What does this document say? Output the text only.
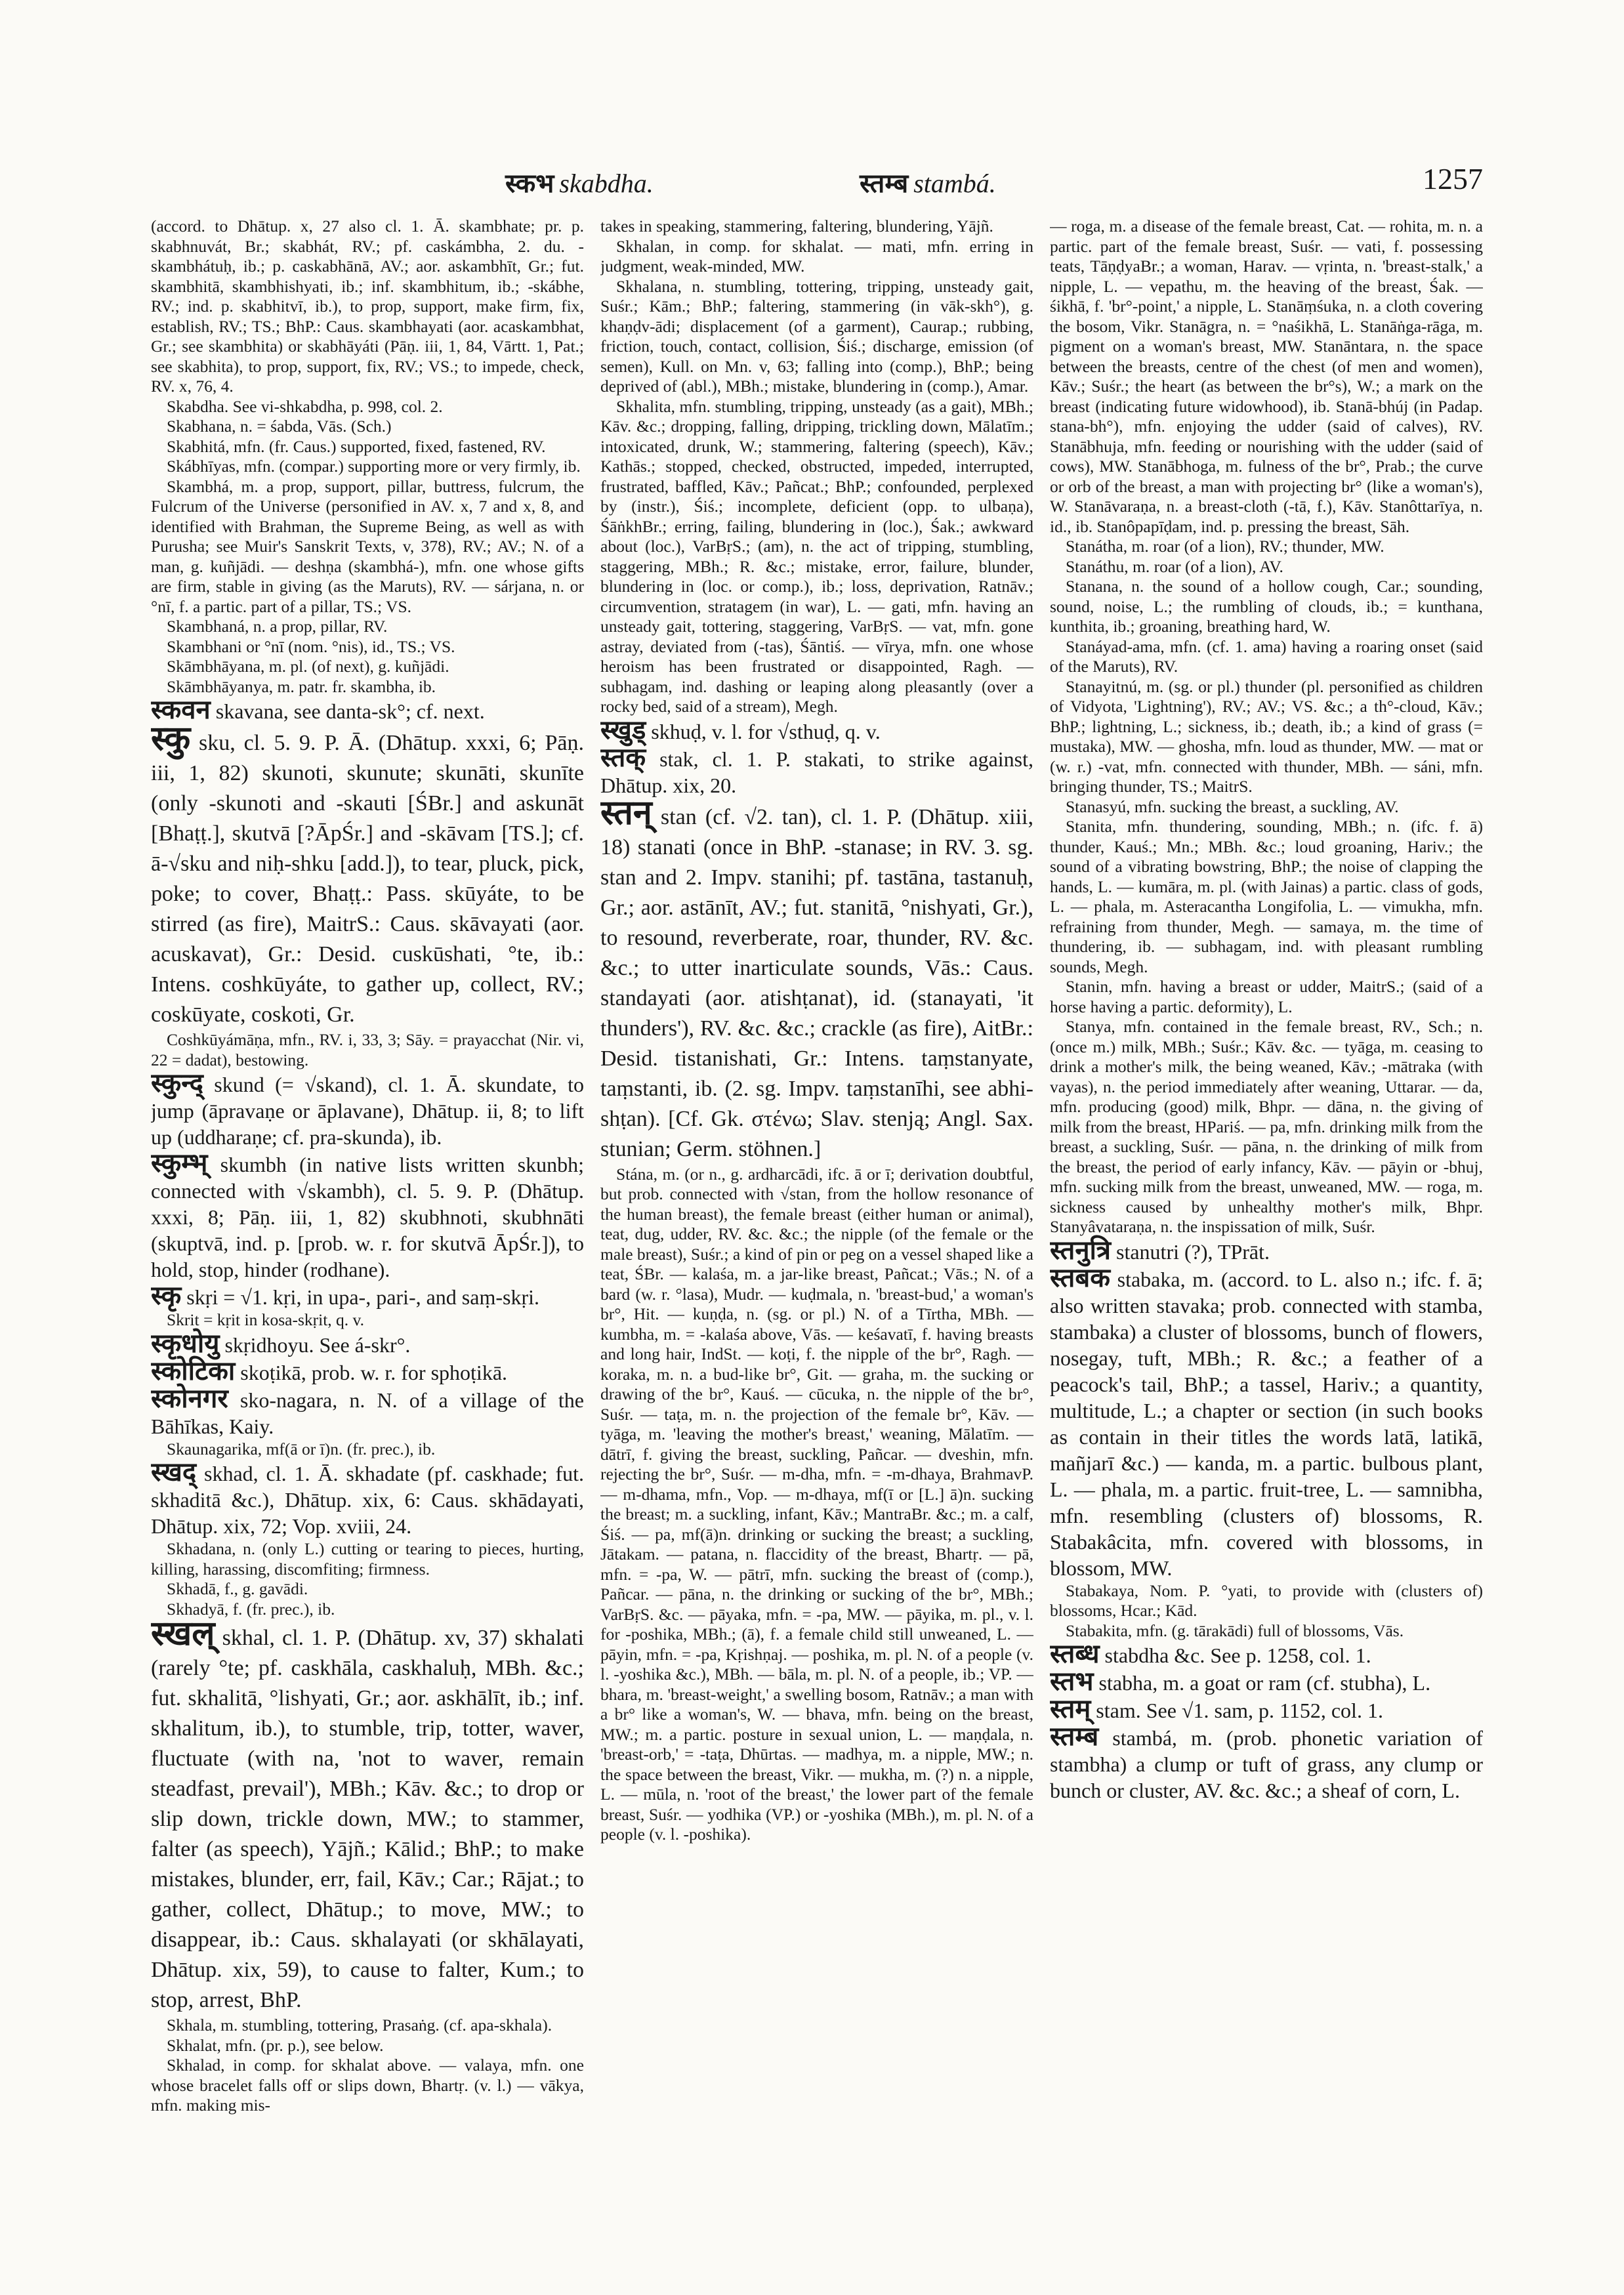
स्कभ skabdha.	स्तम्ब stambá.	1257

(accord. to Dhātup. x, 27 also cl. 1. Ā. skambhate; pr. p. skabhnuvát, Br.; skabhát, RV.; pf. caskámbha, 2. du. -skambhátuḥ, ib.; p. caskabhānā, AV.; aor. askambhīt, Gr.; fut. skambhitā, skambhishyati, ib.; inf. skambhitum, ib.; -skábhe, RV.; ind. p. skabhitvī, ib.), to prop, support, make firm, fix, establish, RV.; TS.; BhP.: Caus. skambhayati (aor. acaskambhat, Gr.; see skambhita) or skabhāyáti (Pāṇ. iii, 1, 84, Vārtt. 1, Pat.; see skabhita), to prop, support, fix, RV.; VS.; to impede, check, RV. x, 76, 4.

Skabdha. See vi-shkabdha, p. 998, col. 2.

Skabhana, n. = śabda, Vās. (Sch.)

Skabhitá, mfn. (fr. Caus.) supported, fixed, fastened, RV.

Skábhīyas, mfn. (compar.) supporting more or very firmly, ib.

Skambhá, m. a prop, support, pillar, buttress, fulcrum, the Fulcrum of the Universe (personified in AV. x, 7 and x, 8, and identified with Brahman, the Supreme Being, as well as with Purusha; see Muir's Sanskrit Texts, v, 378), RV.; AV.; N. of a man, g. kuñjādi. — deshṇa (skambhá-), mfn. one whose gifts are firm, stable in giving (as the Maruts), RV. — sárjana, n. or °nī, f. a partic. part of a pillar, TS.; VS.

Skambhaná, n. a prop, pillar, RV.

Skambhani or °nī (nom. °nis), id., TS.; VS.

Skāmbhāyana, m. pl. (of next), g. kuñjādi.

Skāmbhāyanya, m. patr. fr. skambha, ib.

स्कवन skavana, see danta-sk°; cf. next.

स्कु sku, cl. 5. 9. P. Ā. (Dhātup. xxxi, 6; Pāṇ. iii, 1, 82) skunoti, skunute; skunāti, skunīte (only -skunoti and -skauti [ŚBr.] and askunāt [Bhaṭṭ.], skutvā [?ĀpŚr.] and -skāvam [TS.]; cf. ā-√sku and niḥ-shku [add.]), to tear, pluck, pick, poke; to cover, Bhaṭṭ.: Pass. skūyáte, to be stirred (as fire), MaitrS.: Caus. skāvayati (aor. acuskavat), Gr.: Desid. cuskūshati, °te, ib.: Intens. coshkūyáte, to gather up, collect, RV.; coskūyate, coskoti, Gr.

Coshkūyámāṇa, mfn., RV. i, 33, 3; Sāy. = prayacchat (Nir. vi, 22 = dadat), bestowing.

स्कुन्द् skund (= √skand), cl. 1. Ā. skundate, to jump (āpravaṇe or āplavane), Dhātup. ii, 8; to lift up (uddharaṇe; cf. pra-skunda), ib.

स्कुम्भ् skumbh (in native lists written skunbh; connected with √skambh), cl. 5. 9. P. (Dhātup. xxxi, 8; Pāṇ. iii, 1, 82) skubhnoti, skubhnāti (skuptvā, ind. p. [prob. w. r. for skutvā ĀpŚr.]), to hold, stop, hinder (rodhane).

स्कृ skṛi = √1. kṛi, in upa-, pari-, and saṃ-skṛi.

Skrit = kṛit in kosa-skṛit, q. v.

स्कृधोयु skṛidhoyu. See á-skr°.

स्कोटिका skoṭikā, prob. w. r. for sphoṭikā.

स्कोनगर sko-nagara, n. N. of a village of the Bāhīkas, Kaiy.

Skaunagarika, mf(ā or ī)n. (fr. prec.), ib.

स्खद् skhad, cl. 1. Ā. skhadate (pf. caskhade; fut. skhaditā &c.), Dhātup. xix, 6: Caus. skhādayati, Dhātup. xix, 72; Vop. xviii, 24.

Skhadana, n. (only L.) cutting or tearing to pieces, hurting, killing, harassing, discomfiting; firmness.

Skhadā, f., g. gavādi.

Skhadyā, f. (fr. prec.), ib.

स्खल् skhal, cl. 1. P. (Dhātup. xv, 37) skhalati (rarely °te; pf. caskhāla, caskhaluḥ, MBh. &c.; fut. skhalitā, °lishyati, Gr.; aor. askhālīt, ib.; inf. skhalitum, ib.), to stumble, trip, totter, waver, fluctuate (with na, 'not to waver, remain steadfast, prevail'), MBh.; Kāv. &c.; to drop or slip down, trickle down, MW.; to stammer, falter (as speech), Yājñ.; Kālid.; BhP.; to make mistakes, blunder, err, fail, Kāv.; Car.; Rājat.; to gather, collect, Dhātup.; to move, MW.; to disappear, ib.: Caus. skhalayati (or skhālayati, Dhātup. xix, 59), to cause to falter, Kum.; to stop, arrest, BhP.

Skhala, m. stumbling, tottering, Prasaṅg. (cf. apa-skhala).

Skhalat, mfn. (pr. p.), see below.

Skhalad, in comp. for skhalat above. — valaya, mfn. one whose bracelet falls off or slips down, Bhartṛ. (v. l.) — vākya, mfn. making mis-

takes in speaking, stammering, faltering, blundering, Yājñ.

Skhalan, in comp. for skhalat. — mati, mfn. erring in judgment, weak-minded, MW.

Skhalana, n. stumbling, tottering, tripping, unsteady gait, Suśr.; Kām.; BhP.; faltering, stammering (in vāk-skh°), g. khaṇḍv-ādi; displacement (of a garment), Caurap.; rubbing, friction, touch, contact, collision, Śiś.; discharge, emission (of semen), Kull. on Mn. v, 63; falling into (comp.), BhP.; being deprived of (abl.), MBh.; mistake, blundering in (comp.), Amar.

Skhalita, mfn. stumbling, tripping, unsteady (as a gait), MBh.; Kāv. &c.; dropping, falling, dripping, trickling down, Mālatīm.; intoxicated, drunk, W.; stammering, faltering (speech), Kāv.; Kathās.; stopped, checked, obstructed, impeded, interrupted, frustrated, baffled, Kāv.; Pañcat.; BhP.; confounded, perplexed by (instr.), Śiś.; incomplete, deficient (opp. to ulbaṇa), ŚāṅkhBr.; erring, failing, blundering in (loc.), Śak.; awkward about (loc.), VarBṛS.; (am), n. the act of tripping, stumbling, staggering, MBh.; R. &c.; mistake, error, failure, blunder, blundering in (loc. or comp.), ib.; loss, deprivation, Ratnāv.; circumvention, stratagem (in war), L. — gati, mfn. having an unsteady gait, tottering, staggering, VarBṛS. — vat, mfn. gone astray, deviated from (-tas), Śāntiś. — vīrya, mfn. one whose heroism has been frustrated or disappointed, Ragh. — subhagam, ind. dashing or leaping along pleasantly (over a rocky bed, said of a stream), Megh.

स्खुड् skhuḍ, v. l. for √sthuḍ, q. v.

स्तक् stak, cl. 1. P. stakati, to strike against, Dhātup. xix, 20.

स्तन् stan (cf. √2. tan), cl. 1. P. (Dhātup. xiii, 18) stanati (once in BhP. -stanase; in RV. 3. sg. stan and 2. Impv. stanihi; pf. tastāna, tastanuḥ, Gr.; aor. astānīt, AV.; fut. stanitā, °nishyati, Gr.), to resound, reverberate, roar, thunder, RV. &c. &c.; to utter inarticulate sounds, Vās.: Caus. standayati (aor. atishṭanat), id. (stanayati, 'it thunders'), RV. &c. &c.; crackle (as fire), AitBr.: Desid. tistanishati, Gr.: Intens. taṃstanyate, taṃstanti, ib. (2. sg. Impv. taṃstanīhi, see abhi-shṭan). [Cf. Gk. στένω; Slav. stenją; Angl. Sax. stunian; Germ. stöhnen.]

Stána, m. (or n., g. ardharcādi, ifc. ā or ī; derivation doubtful, but prob. connected with √stan, from the hollow resonance of the human breast), the female breast (either human or animal), teat, dug, udder, RV. &c. &c.; the nipple (of the female or the male breast), Suśr.; a kind of pin or peg on a vessel shaped like a teat, ŚBr. — kalaśa, m. a jar-like breast, Pañcat.; Vās.; N. of a bard (w. r. °lasa), Mudr. — kuḍmala, n. 'breast-bud,' a woman's br°, Hit. — kuṇḍa, n. (sg. or pl.) N. of a Tīrtha, MBh. — kumbha, m. = -kalaśa above, Vās. — keśavatī, f. having breasts and long hair, IndSt. — koṭi, f. the nipple of the br°, Ragh. — koraka, m. n. a bud-like br°, Git. — graha, m. the sucking or drawing of the br°, Kauś. — cūcuka, n. the nipple of the br°, Suśr. — taṭa, m. n. the projection of the female br°, Kāv. — tyāga, m. 'leaving the mother's breast,' weaning, Mālatīm. — dātrī, f. giving the breast, suckling, Pañcar. — dveshin, mfn. rejecting the br°, Suśr. — m-dha, mfn. = -m-dhaya, BrahmavP. — m-dhama, mfn., Vop. — m-dhaya, mf(ī or [L.] ā)n. sucking the breast; m. a suckling, infant, Kāv.; MantraBr. &c.; m. a calf, Śiś. — pa, mf(ā)n. drinking or sucking the breast; a suckling, Jātakam. — patana, n. flaccidity of the breast, Bhartṛ. — pā, mfn. = -pa, W. — pātrī, mfn. sucking the breast of (comp.), Pañcar. — pāna, n. the drinking or sucking of the br°, MBh.; VarBṛS. &c. — pāyaka, mfn. = -pa, MW. — pāyika, m. pl., v. l. for -poshika, MBh.; (ā), f. a female child still unweaned, L. — pāyin, mfn. = -pa, Kṛishṇaj. — poshika, m. pl. N. of a people (v. l. -yoshika &c.), MBh. — bāla, m. pl. N. of a people, ib.; VP. — bhara, m. 'breast-weight,' a swelling bosom, Ratnāv.; a man with a br° like a woman's, W. — bhava, mfn. being on the breast, MW.; m. a partic. posture in sexual union, L. — maṇḍala, n. 'breast-orb,' = -taṭa, Dhūrtas. — madhya, m. a nipple, MW.; n. the space between the breast, Vikr. — mukha, m. (?) n. a nipple, L. — mūla, n. 'root of the breast,' the lower part of the female breast, Suśr. — yodhika (VP.) or -yoshika (MBh.), m. pl. N. of a people (v. l. -poshika).

— roga, m. a disease of the female breast, Cat. — rohita, m. n. a partic. part of the female breast, Suśr. — vati, f. possessing teats, TāṇḍyaBr.; a woman, Harav. — vṛinta, n. 'breast-stalk,' a nipple, L. — vepathu, m. the heaving of the breast, Śak. — śikhā, f. 'br°-point,' a nipple, L. Stanāṃśuka, n. a cloth covering the bosom, Vikr. Stanāgra, n. = °naśikhā, L. Stanāṅga-rāga, m. pigment on a woman's breast, MW. Stanāntara, n. the space between the breasts, centre of the chest (of men and women), Kāv.; Suśr.; the heart (as between the br°s), W.; a mark on the breast (indicating future widowhood), ib. Stanā-bhúj (in Padap. stana-bh°), mfn. enjoying the udder (said of calves), RV. Stanābhuja, mfn. feeding or nourishing with the udder (said of cows), MW. Stanābhoga, m. fulness of the br°, Prab.; the curve or orb of the breast, a man with projecting br° (like a woman's), W. Stanāvaraṇa, n. a breast-cloth (-tā, f.), Kāv. Stanôttarīya, n. id., ib. Stanôpapīḍam, ind. p. pressing the breast, Sāh.

Stanátha, m. roar (of a lion), RV.; thunder, MW.

Stanáthu, m. roar (of a lion), AV.

Stanana, n. the sound of a hollow cough, Car.; sounding, sound, noise, L.; the rumbling of clouds, ib.; = kunthana, kunthita, ib.; groaning, breathing hard, W.

Stanáyad-ama, mfn. (cf. 1. ama) having a roaring onset (said of the Maruts), RV.

Stanayitnú, m. (sg. or pl.) thunder (pl. personified as children of Vidyota, 'Lightning'), RV.; AV.; VS. &c.; a th°-cloud, Kāv.; BhP.; lightning, L.; sickness, ib.; death, ib.; a kind of grass (= mustaka), MW. — ghosha, mfn. loud as thunder, MW. — mat or (w. r.) -vat, mfn. connected with thunder, MBh. — sáni, mfn. bringing thunder, TS.; MaitrS.

Stanasyú, mfn. sucking the breast, a suckling, AV.

Stanita, mfn. thundering, sounding, MBh.; n. (ifc. f. ā) thunder, Kauś.; Mn.; MBh. &c.; loud groaning, Hariv.; the sound of a vibrating bowstring, BhP.; the noise of clapping the hands, L. — kumāra, m. pl. (with Jainas) a partic. class of gods, L. — phala, m. Asteracantha Longifolia, L. — vimukha, mfn. refraining from thunder, Megh. — samaya, m. the time of thundering, ib. — subhagam, ind. with pleasant rumbling sounds, Megh.

Stanin, mfn. having a breast or udder, MaitrS.; (said of a horse having a partic. deformity), L.

Stanya, mfn. contained in the female breast, RV., Sch.; n. (once m.) milk, MBh.; Suśr.; Kāv. &c. — tyāga, m. ceasing to drink a mother's milk, the being weaned, Kāv.; -mātraka (with vayas), n. the period immediately after weaning, Uttarar. — da, mfn. producing (good) milk, Bhpr. — dāna, n. the giving of milk from the breast, HPariś. — pa, mfn. drinking milk from the breast, a suckling, Suśr. — pāna, n. the drinking of milk from the breast, the period of early infancy, Kāv. — pāyin or -bhuj, mfn. sucking milk from the breast, unweaned, MW. — roga, m. sickness caused by unhealthy mother's milk, Bhpr. Stanyâvataraṇa, n. the inspissation of milk, Suśr.

स्तनुत्रि stanutri (?), TPrāt.

स्तबक stabaka, m. (accord. to L. also n.; ifc. f. ā; also written stavaka; prob. connected with stamba, stambaka) a cluster of blossoms, bunch of flowers, nosegay, tuft, MBh.; R. &c.; a feather of a peacock's tail, BhP.; a tassel, Hariv.; a quantity, multitude, L.; a chapter or section (in such books as contain in their titles the words latā, latikā, mañjarī &c.) — kanda, m. a partic. bulbous plant, L. — phala, m. a partic. fruit-tree, L. — samnibha, mfn. resembling (clusters of) blossoms, R. Stabakâcita, mfn. covered with blossoms, in blossom, MW.

Stabakaya, Nom. P. °yati, to provide with (clusters of) blossoms, Hcar.; Kād.

Stabakita, mfn. (g. tārakādi) full of blossoms, Vās.

स्तब्ध stabdha &c. See p. 1258, col. 1.

स्तभ stabha, m. a goat or ram (cf. stubha), L.

स्तम् stam. See √1. sam, p. 1152, col. 1.

स्तम्ब stambá, m. (prob. phonetic variation of stambha) a clump or tuft of grass, any clump or bunch or cluster, AV. &c. &c.; a sheaf of corn, L.
